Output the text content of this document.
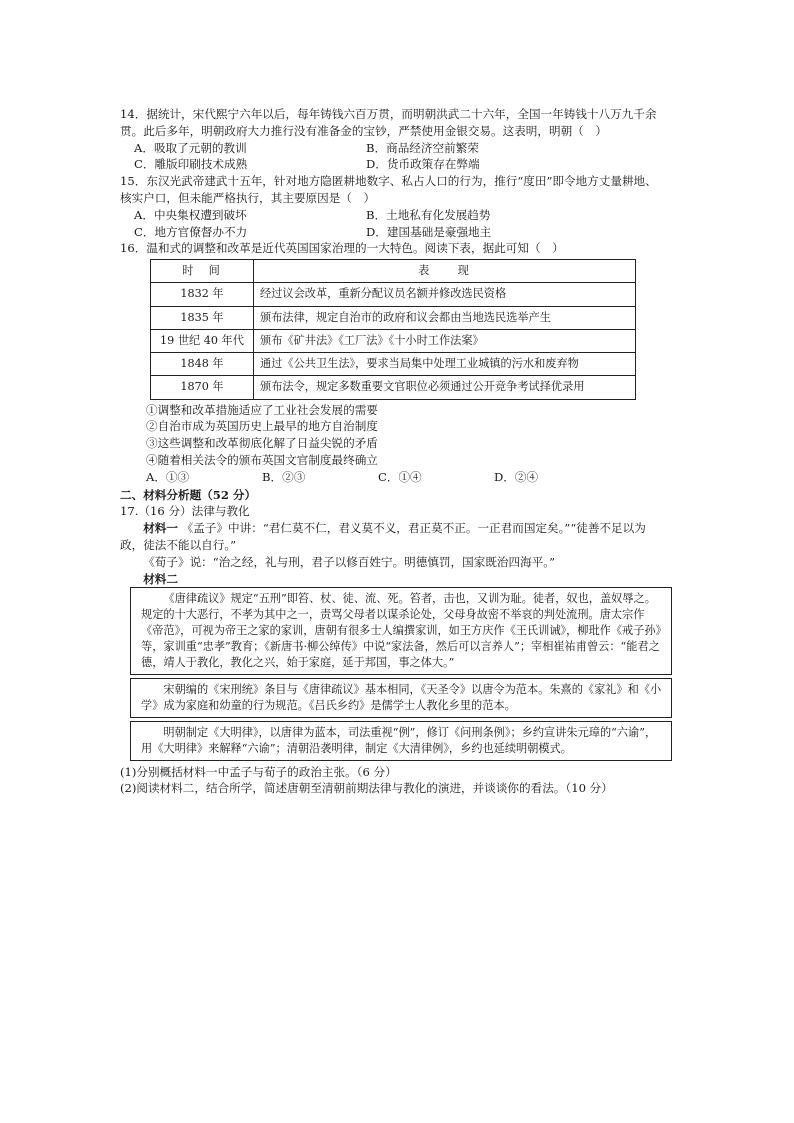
14．据统计，宋代熙宁六年以后，每年铸钱六百万贯，而明朝洪武二十六年，全国一年铸钱十八万九千余贯。此后多年，明朝政府大力推行没有准备金的宝钞，严禁使用金银交易。这表明，明朝（　）

A．吸取了元朝的教训	B．商品经济空前繁荣

C．雕版印刷技术成熟	D．货币政策存在弊端

15．东汉光武帝建武十五年，针对地方隐匿耕地数字、私占人口的行为，推行“度田”即令地方丈量耕地、核实户口，但未能严格执行，其主要原因是（　）

A．中央集权遭到破坏	B．土地私有化发展趋势

C．地方官僚督办不力	D．建国基础是豪强地主

16．温和式的调整和改革是近代英国国家治理的一大特色。阅读下表，据此可知（　）

时　间	表　　现
1832 年	经过议会改革，重新分配议员名额并修改选民资格
1835 年	颁布法律，规定自治市的政府和议会都由当地选民选举产生
19 世纪 40 年代	颁布《矿井法》《工厂法》《十小时工作法案》
1848 年	通过《公共卫生法》，要求当局集中处理工业城镇的污水和废弃物
1870 年	颁布法令，规定多数重要文官职位必须通过公开竞争考试择优录用

①调整和改革措施适应了工业社会发展的需要

②自治市成为英国历史上最早的地方自治制度

③这些调整和改革彻底化解了日益尖锐的矛盾

④随着相关法令的颁布英国文官制度最终确立

A．①③	B．②③	C．①④	D．②④

二、材料分析题（52 分）

17.（16 分）法律与教化

材料一 《孟子》中讲：“君仁莫不仁，君义莫不义，君正莫不正。一正君而国定矣。”“徒善不足以为政，徒法不能以自行。”

《荀子》说：“治之经，礼与刑，君子以修百姓宁。明德慎罚，国家既治四海平。”

材料二

《唐律疏议》规定“五刑”即笞、杖、徒、流、死。笞者，击也，又训为耻。徒者，奴也，盖奴辱之。规定的十大恶行，不孝为其中之一，责骂父母者以谋杀论处，父母身故密不举哀的判处流刑。唐太宗作《帝范》，可视为帝王之家的家训，唐朝有很多士人编撰家训，如王方庆作《王氏训诫》，柳玭作《戒子孙》等，家训重“忠孝”教育；《新唐书·柳公绰传》中说“家法备，然后可以言养人”；宰相崔祐甫曾云：“能君之德，靖人于教化，教化之兴，始于家庭，延于邦国，事之体大。”

宋朝编的《宋刑统》条目与《唐律疏议》基本相同，《天圣令》以唐令为范本。朱熹的《家礼》和《小学》成为家庭和幼童的行为规范。《吕氏乡约》是儒学士人教化乡里的范本。

明朝制定《大明律》，以唐律为蓝本，司法重视“例”，修订《问刑条例》；乡约宣讲朱元璋的“六谕”，用《大明律》来解释“六谕”；清朝沿袭明律，制定《大清律例》，乡约也延续明朝模式。

(1)分别概括材料一中孟子与荀子的政治主张。（6 分）

(2)阅读材料二，结合所学，简述唐朝至清朝前期法律与教化的演进，并谈谈你的看法。（10 分）
